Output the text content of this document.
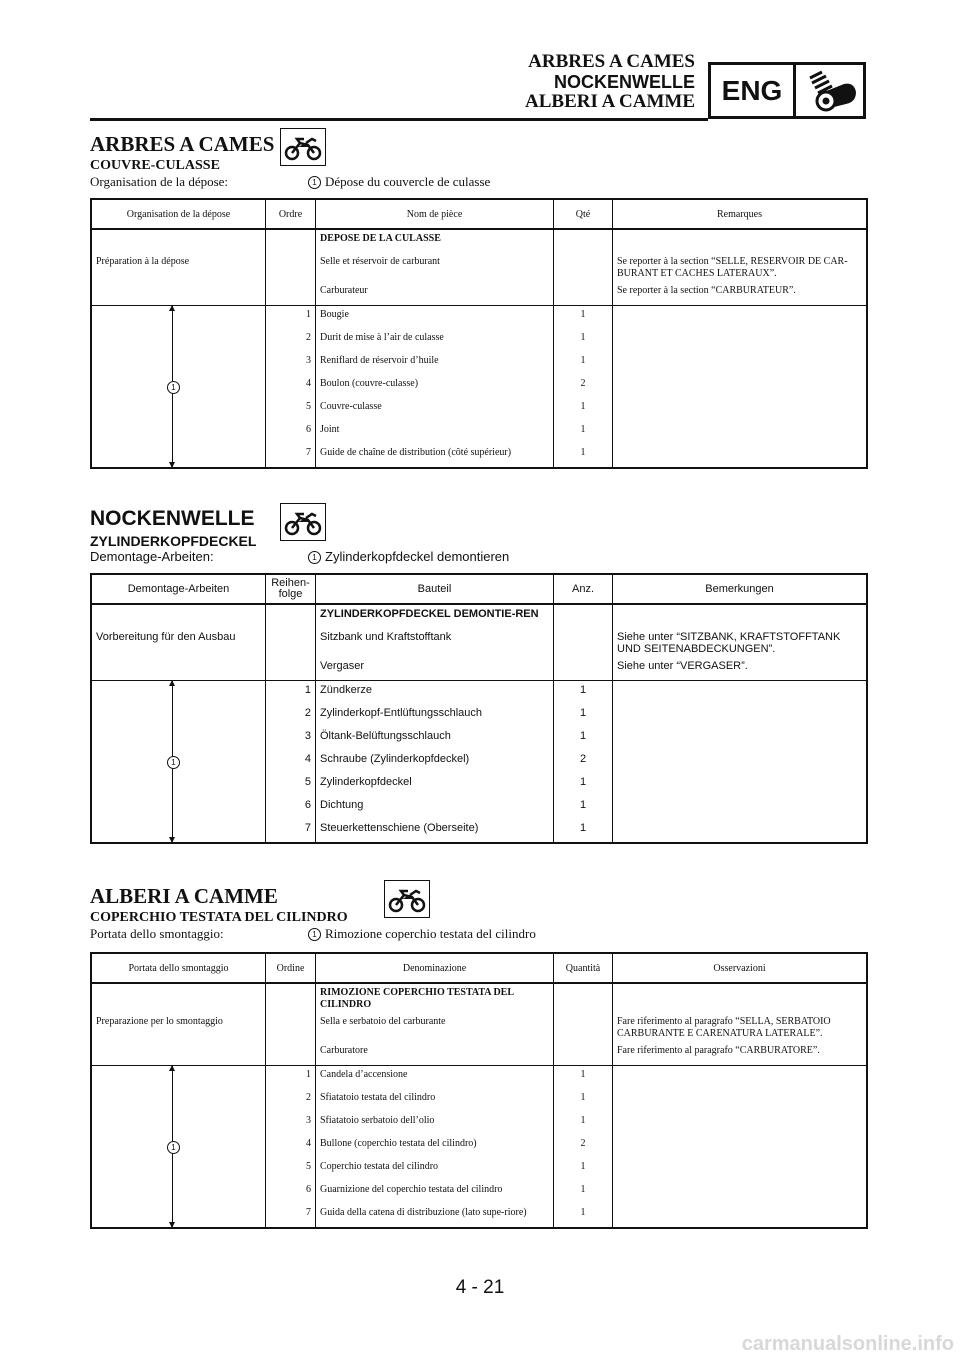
ARBRES A CAMES
NOCKENWELLE
ALBERI A CAMME ENG
ARBRES A CAMES
COUVRE-CULASSE
Organisation de la dépose:	1 Dépose du couvercle de culasse
Organisation de la dépose	Ordre	Nom de pièce	Qté	Remarques
		DEPOSE DE LA CULASSE		
Préparation à la dépose		Selle et réservoir de carburant		Se reporter à la section “SELLE, RESERVOIR DE CAR-BURANT ET CACHES LATERAUX”.
		Carburateur		Se reporter à la section “CARBURATEUR”.

1	1	Bougie	1	
	2	Durit de mise à l’air de culasse	1	
	3	Reniflard de réservoir d’huile	1	
	4	Boulon (couvre-culasse)	2	
	5	Couvre-culasse	1	
	6	Joint	1	
	7	Guide de chaîne de distribution (côté supérieur)	1	
NOCKENWELLE
ZYLINDERKOPFDECKEL
Demontage-Arbeiten:	1 Zylinderkopfdeckel demontieren
Demontage-Arbeiten	Reihen-folge	Bauteil	Anz.	Bemerkungen
		ZYLINDERKOPFDECKEL DEMONTIE-REN		
Vorbereitung für den Ausbau		Sitzbank und Kraftstofftank		Siehe unter “SITZBANK, KRAFTSTOFFTANK UND SEITENABDECKUNGEN”.
		Vergaser		Siehe unter “VERGASER”.

1	1	Zündkerze	1	
	2	Zylinderkopf-Entlüftungsschlauch	1	
	3	Öltank-Belüftungsschlauch	1	
	4	Schraube (Zylinderkopfdeckel)	2	
	5	Zylinderkopfdeckel	1	
	6	Dichtung	1	
	7	Steuerkettenschiene (Oberseite)	1	
ALBERI A CAMME
COPERCHIO TESTATA DEL CILINDRO
Portata dello smontaggio:	1 Rimozione coperchio testata del cilindro
Portata dello smontaggio	Ordine	Denominazione	Quantità	Osservazioni
		RIMOZIONE COPERCHIO TESTATA DEL CILINDRO		
Preparazione per lo smontaggio		Sella e serbatoio del carburante		Fare riferimento al paragrafo “SELLA, SERBATOIO CARBURANTE E CARENATURA LATERALE”.
		Carburatore		Fare riferimento al paragrafo “CARBURATORE”.

1	1	Candela d’accensione	1	
	2	Sfiatatoio testata del cilindro	1	
	3	Sfiatatoio serbatoio dell’olio	1	
	4	Bullone (coperchio testata del cilindro)	2	
	5	Coperchio testata del cilindro	1	
	6	Guarnizione del coperchio testata del cilindro	1	
	7	Guida della catena di distribuzione (lato supe-riore)	1	
4 - 21
carmanualsonline.info
